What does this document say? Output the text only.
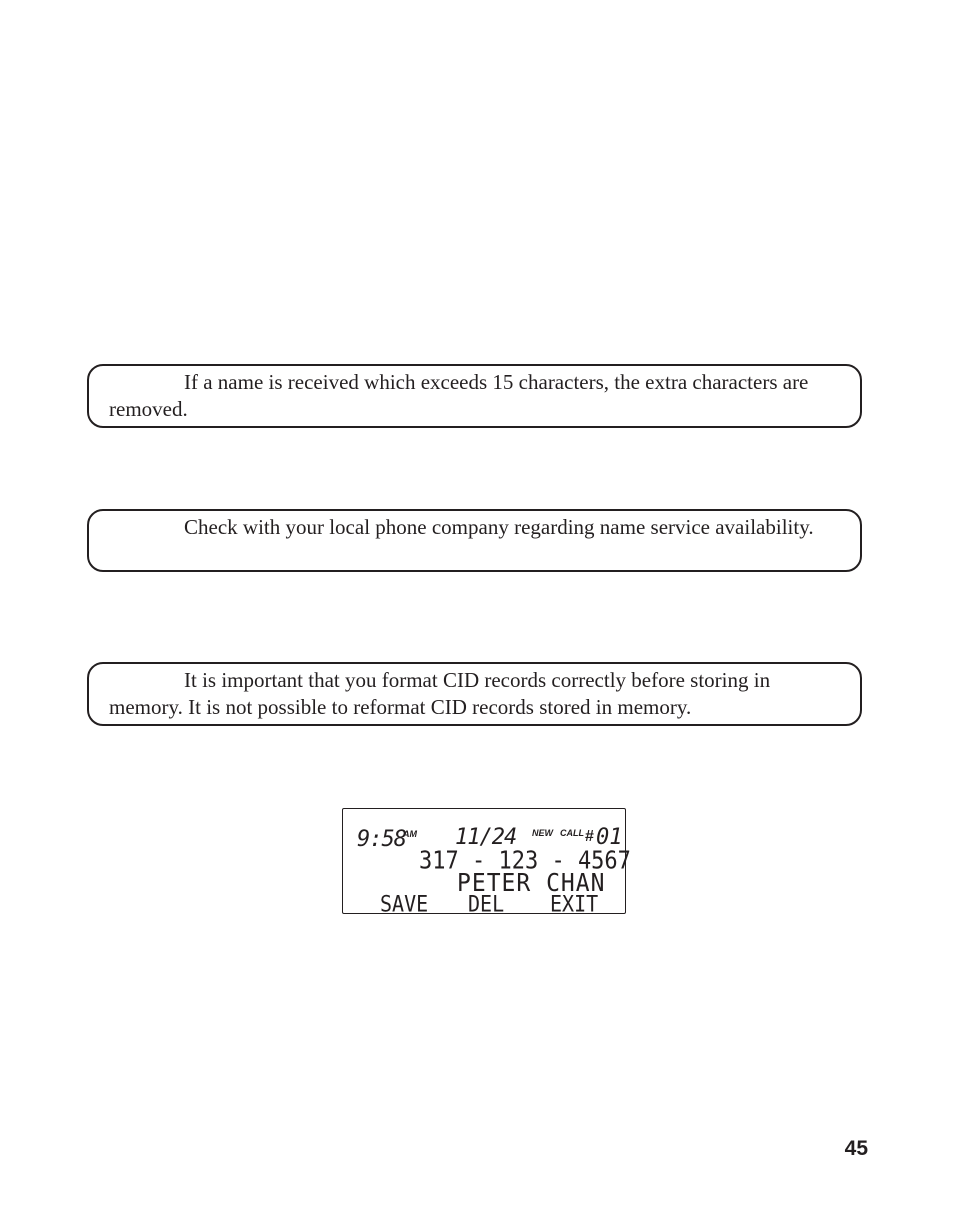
If a name is received which exceeds 15 characters, the extra characters are removed.

Check with your local phone company regarding name service availability.

It is important that you format CID records correctly before storing in memory. It is not possible to reformat CID records stored in memory.

9:58
AM 11/24 NEW CALL # 01
317 - 123 - 4567
PETER CHAN
SAVE DEL EXIT
45
